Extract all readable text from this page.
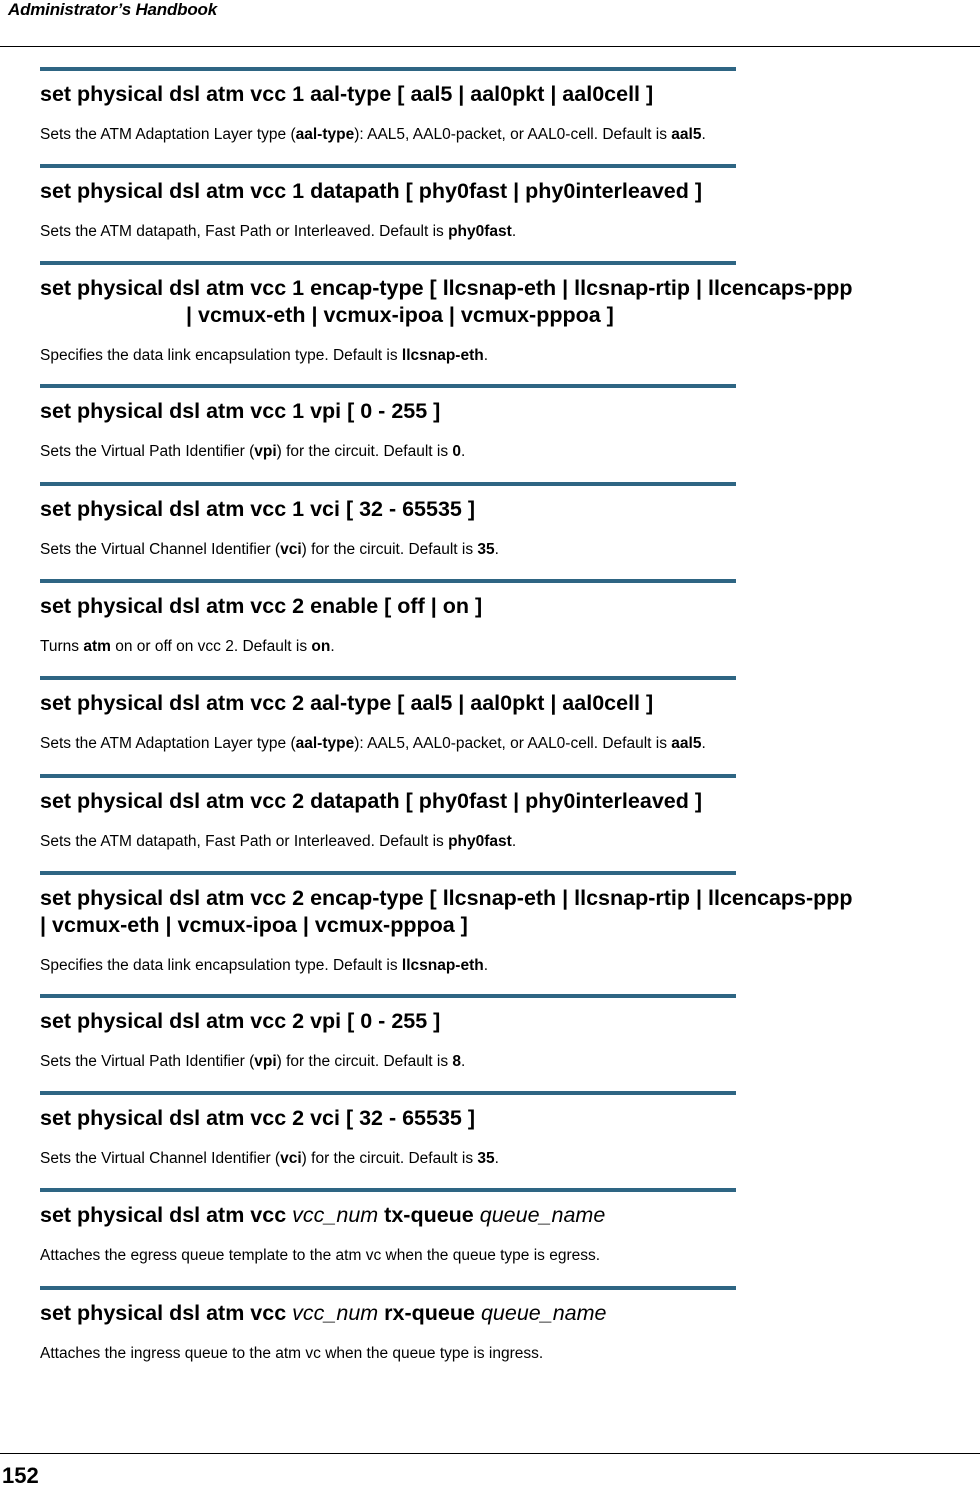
Administrator’s Handbook
set physical dsl atm vcc 1 aal-type [ aal5 | aal0pkt | aal0cell ]
Sets the ATM Adaptation Layer type (aal-type): AAL5, AAL0-packet, or AAL0-cell. Default is aal5.
set physical dsl atm vcc 1 datapath [ phy0fast | phy0interleaved ]
Sets the ATM datapath, Fast Path or Interleaved. Default is phy0fast.
set physical dsl atm vcc 1 encap-type [ llcsnap-eth | llcsnap-rtip | llcencaps-ppp
| vcmux-eth | vcmux-ipoa | vcmux-pppoa ]
Specifies the data link encapsulation type. Default is llcsnap-eth.
set physical dsl atm vcc 1 vpi [ 0 - 255 ]
Sets the Virtual Path Identifier (vpi) for the circuit. Default is 0.
set physical dsl atm vcc 1 vci [ 32 - 65535 ]
Sets the Virtual Channel Identifier (vci) for the circuit. Default is 35.
set physical dsl atm vcc 2 enable [ off | on ]
Turns atm on or off on vcc 2. Default is on.
set physical dsl atm vcc 2 aal-type [ aal5 | aal0pkt | aal0cell ]
Sets the ATM Adaptation Layer type (aal-type): AAL5, AAL0-packet, or AAL0-cell. Default is aal5.
set physical dsl atm vcc 2 datapath [ phy0fast | phy0interleaved ]
Sets the ATM datapath, Fast Path or Interleaved. Default is phy0fast.
set physical dsl atm vcc 2 encap-type [ llcsnap-eth | llcsnap-rtip | llcencaps-ppp
| vcmux-eth | vcmux-ipoa | vcmux-pppoa ]
Specifies the data link encapsulation type. Default is llcsnap-eth.
set physical dsl atm vcc 2 vpi [ 0 - 255 ]
Sets the Virtual Path Identifier (vpi) for the circuit. Default is 8.
set physical dsl atm vcc 2 vci [ 32 - 65535 ]
Sets the Virtual Channel Identifier (vci) for the circuit. Default is 35.
set physical dsl atm vcc vcc_num tx-queue queue_name
Attaches the egress queue template to the atm vc when the queue type is egress.
set physical dsl atm vcc vcc_num rx-queue queue_name
Attaches the ingress queue to the atm vc when the queue type is ingress.
152
